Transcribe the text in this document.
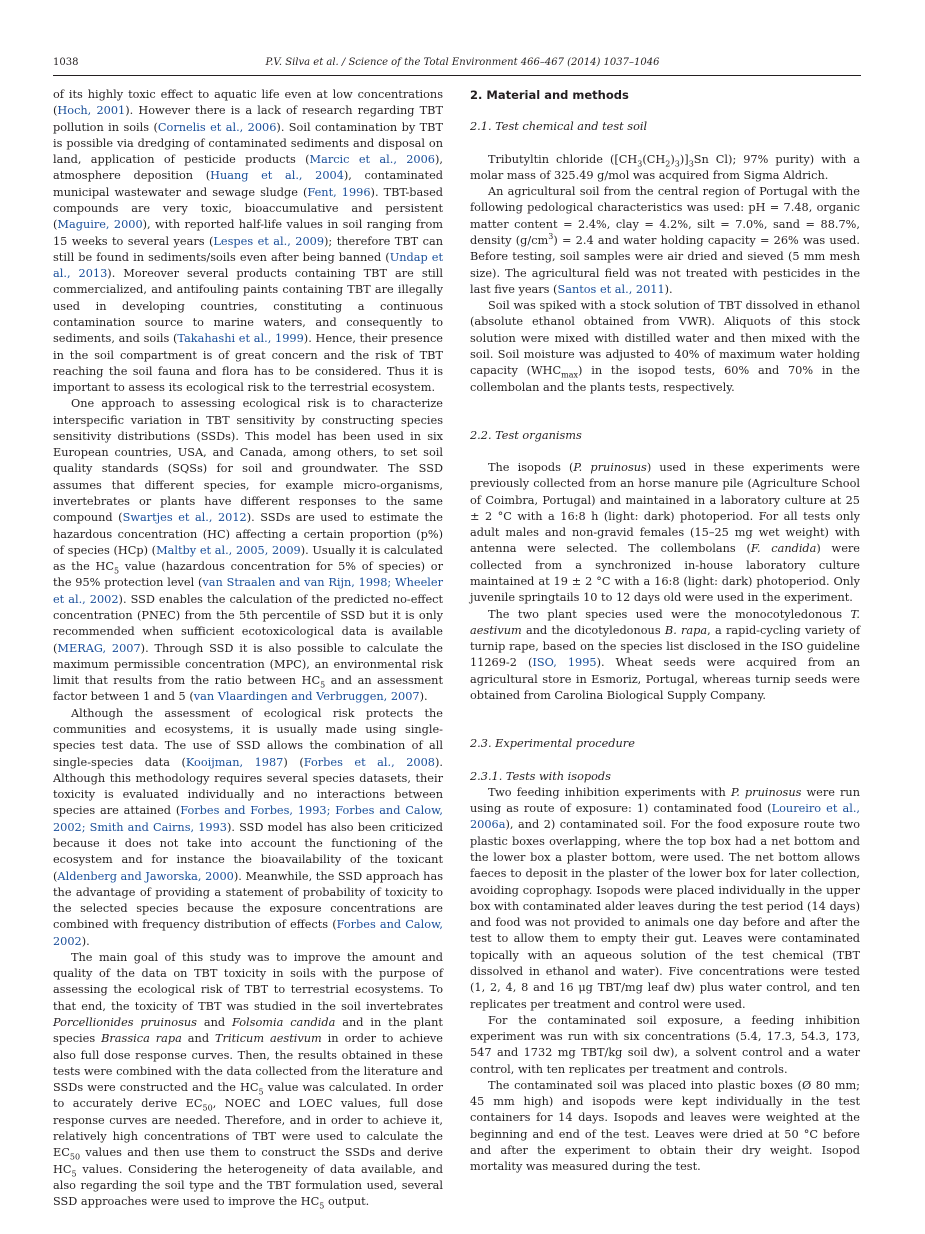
1038	P.V. Silva et al. / Science of the Total Environment 466–467 (2014) 1037–1046

of its highly toxic effect to aquatic life even at low concentrations (Hoch, 2001). However there is a lack of research regarding TBT pollution in soils (Cornelis et al., 2006). Soil contamination by TBT is possible via dredging of contaminated sediments and disposal on land, application of pesticide products (Marcic et al., 2006), atmosphere deposition (Huang et al., 2004), contaminated municipal wastewater and sewage sludge (Fent, 1996). TBT-based compounds are very toxic, bioaccumulative and persistent (Maguire, 2000), with reported half-life values in soil ranging from 15 weeks to several years (Lespes et al., 2009); therefore TBT can still be found in sediments/soils even after being banned (Undap et al., 2013). Moreover several products containing TBT are still commercialized, and antifouling paints containing TBT are illegally used in developing countries, constituting a continuous contamination source to marine waters, and consequently to sediments, and soils (Takahashi et al., 1999). Hence, their presence in the soil compartment is of great concern and the risk of TBT reaching the soil fauna and flora has to be considered. Thus it is important to assess its ecological risk to the terrestrial ecosystem.

One approach to assessing ecological risk is to characterize interspecific variation in TBT sensitivity by constructing species sensitivity distributions (SSDs). This model has been used in six European countries, USA, and Canada, among others, to set soil quality standards (SQSs) for soil and groundwater. The SSD assumes that different species, for example micro-organisms, invertebrates or plants have different responses to the same compound (Swartjes et al., 2012). SSDs are used to estimate the hazardous concentration (HC) affecting a certain proportion (p%) of species (HCp) (Maltby et al., 2005, 2009). Usually it is calculated as the $HC_5$ value (hazardous concentration for 5% of species) or the 95% protection level (van Straalen and van Rijn, 1998; Wheeler et al., 2002). SSD enables the calculation of the predicted no-effect concentration (PNEC) from the 5th percentile of SSD but it is only recommended when sufficient ecotoxicological data is available (MERAG, 2007). Through SSD it is also possible to calculate the maximum permissible concentration (MPC), an environmental risk limit that results from the ratio between $HC_5$ and an assessment factor between 1 and 5 (van Vlaardingen and Verbruggen, 2007).

Although the assessment of ecological risk protects the communities and ecosystems, it is usually made using single-species test data. The use of SSD allows the combination of all single-species data (Kooijman, 1987) (Forbes et al., 2008). Although this methodology requires several species datasets, their toxicity is evaluated individually and no interactions between species are attained (Forbes and Forbes, 1993; Forbes and Calow, 2002; Smith and Cairns, 1993). SSD model has also been criticized because it does not take into account the functioning of the ecosystem and for instance the bioavailability of the toxicant (Aldenberg and Jaworska, 2000). Meanwhile, the SSD approach has the advantage of providing a statement of probability of toxicity to the selected species because the exposure concentrations are combined with frequency distribution of effects (Forbes and Calow, 2002).

The main goal of this study was to improve the amount and quality of the data on TBT toxicity in soils with the purpose of assessing the ecological risk of TBT to terrestrial ecosystems. To that end, the toxicity of TBT was studied in the soil invertebrates Porcellionides pruinosus and Folsomia candida and in the plant species Brassica rapa and Triticum aestivum in order to achieve also full dose response curves. Then, the results obtained in these tests were combined with the data collected from the literature and SSDs were constructed and the $HC_5$ value was calculated. In order to accurately derive $EC_{50}$, NOEC and LOEC values, full dose response curves are needed. Therefore, and in order to achieve it, relatively high concentrations of TBT were used to calculate the $EC_{50}$ values and then use them to construct the SSDs and derive $HC_5$ values. Considering the heterogeneity of data available, and also regarding the soil type and the TBT formulation used, several SSD approaches were used to improve the $HC_5$ output.

2. Material and methods
2.1. Test chemical and test soil

Tributyltin chloride $([CH_3(CH_2)_3)]_3Sn$ Cl); 97% purity) with a molar mass of 325.49 g/mol was acquired from Sigma Aldrich.

An agricultural soil from the central region of Portugal with the following pedological characteristics was used: pH = 7.48, organic matter content = 2.4%, clay = 4.2%, silt = 7.0%, sand = 88.7%, density $(g/cm^3) = 2.4$ and water holding capacity = 26% was used. Before testing, soil samples were air dried and sieved (5 mm mesh size). The agricultural field was not treated with pesticides in the last five years (Santos et al., 2011).

Soil was spiked with a stock solution of TBT dissolved in ethanol (absolute ethanol obtained from VWR). Aliquots of this stock solution were mixed with distilled water and then mixed with the soil. Soil moisture was adjusted to 40% of maximum water holding capacity $(WHC_{max})$ in the isopod tests, 60% and 70% in the collembolan and the plants tests, respectively.

2.2. Test organisms

The isopods (P. pruinosus) used in these experiments were previously collected from an horse manure pile (Agriculture School of Coimbra, Portugal) and maintained in a laboratory culture at 25 ± 2 °C with a 16:8 h (light: dark) photoperiod. For all tests only adult males and non-gravid females (15–25 mg wet weight) with antenna were selected. The collembolans (F. candida) were collected from a synchronized in-house laboratory culture maintained at 19 ± 2 °C with a 16:8 (light: dark) photoperiod. Only juvenile springtails 10 to 12 days old were used in the experiment.

The two plant species used were the monocotyledonous T. aestivum and the dicotyledonous B. rapa, a rapid-cycling variety of turnip rape, based on the species list disclosed in the ISO guideline 11269-2 (ISO, 1995). Wheat seeds were acquired from an agricultural store in Esmoriz, Portugal, whereas turnip seeds were obtained from Carolina Biological Supply Company.

2.3. Experimental procedure
2.3.1. Tests with isopods

Two feeding inhibition experiments with P. pruinosus were run using as route of exposure: 1) contaminated food (Loureiro et al., 2006a), and 2) contaminated soil. For the food exposure route two plastic boxes overlapping, where the top box had a net bottom and the lower box a plaster bottom, were used. The net bottom allows faeces to deposit in the plaster of the lower box for later collection, avoiding coprophagy. Isopods were placed individually in the upper box with contaminated alder leaves during the test period (14 days) and food was not provided to animals one day before and after the test to allow them to empty their gut. Leaves were contaminated topically with an aqueous solution of the test chemical (TBT dissolved in ethanol and water). Five concentrations were tested (1, 2, 4, 8 and 16 μg TBT/mg leaf dw) plus water control, and ten replicates per treatment and control were used.

For the contaminated soil exposure, a feeding inhibition experiment was run with six concentrations (5.4, 17.3, 54.3, 173, 547 and 1732 mg TBT/kg soil dw), a solvent control and a water control, with ten replicates per treatment and controls.

The contaminated soil was placed into plastic boxes (Ø 80 mm; 45 mm high) and isopods were kept individually in the test containers for 14 days. Isopods and leaves were weighted at the beginning and end of the test. Leaves were dried at 50 °C before and after the experiment to obtain their dry weight. Isopod mortality was measured during the test.
